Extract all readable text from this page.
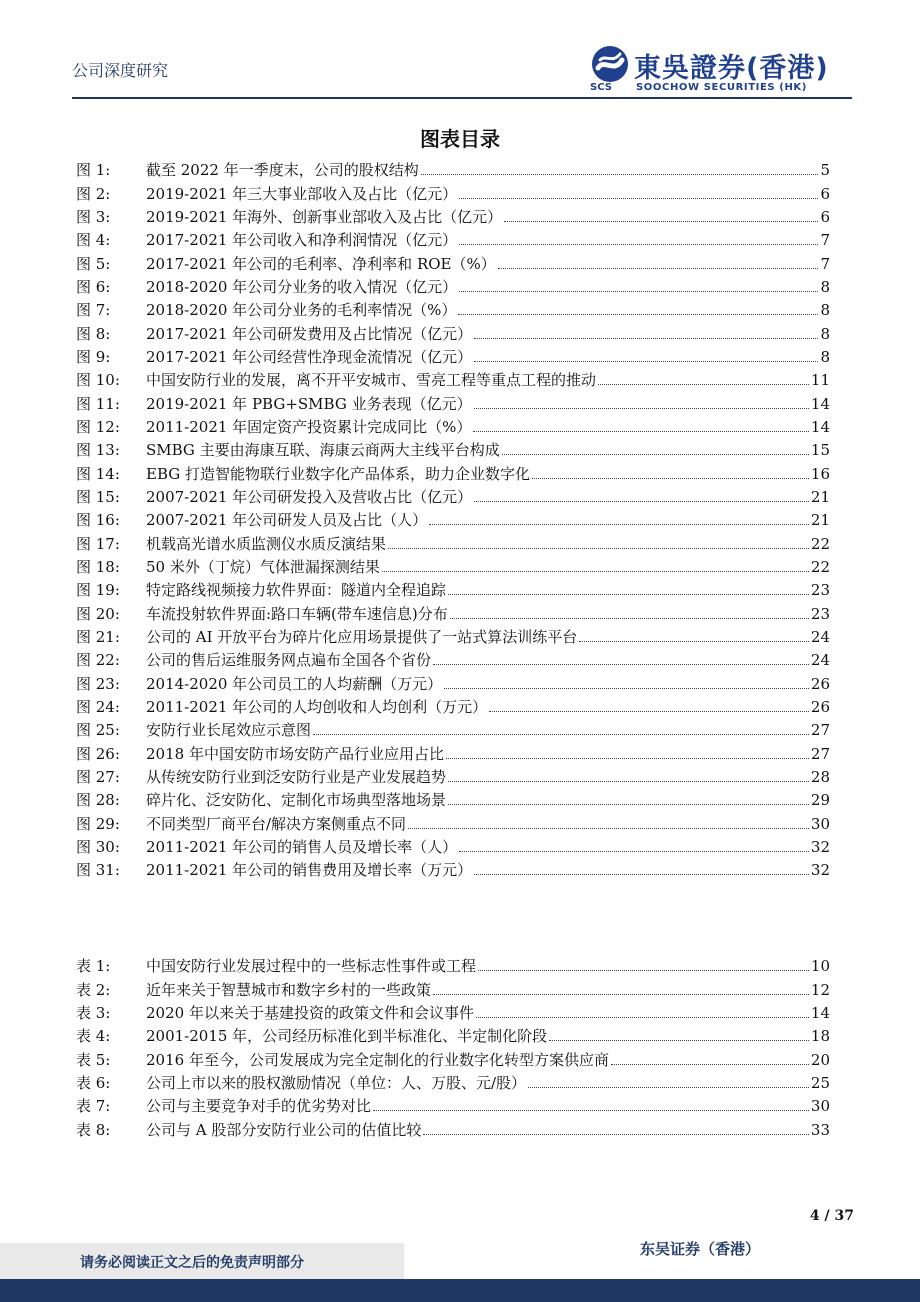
公司深度研究	東吳證券(香港)
SCS SOOCHOW SECURITIES (HK)
图表目录
图 1:	截至 2022 年一季度末，公司的股权结构	5
图 2:	2019-2021 年三大事业部收入及占比（亿元）	6
图 3:	2019-2021 年海外、创新事业部收入及占比（亿元）	6
图 4:	2017-2021 年公司收入和净利润情况（亿元）	7
图 5:	2017-2021 年公司的毛利率、净利率和 ROE（%）	7
图 6:	2018-2020 年公司分业务的收入情况（亿元）	8
图 7:	2018-2020 年公司分业务的毛利率情况（%）	8
图 8:	2017-2021 年公司研发费用及占比情况（亿元）	8
图 9:	2017-2021 年公司经营性净现金流情况（亿元）	8
图 10:	中国安防行业的发展，离不开平安城市、雪亮工程等重点工程的推动	11
图 11:	2019-2021 年 PBG+SMBG 业务表现（亿元）	14
图 12:	2011-2021 年固定资产投资累计完成同比（%）	14
图 13:	SMBG 主要由海康互联、海康云商两大主线平台构成	15
图 14:	EBG 打造智能物联行业数字化产品体系，助力企业数字化	16
图 15:	2007-2021 年公司研发投入及营收占比（亿元）	21
图 16:	2007-2021 年公司研发人员及占比（人）	21
图 17:	机载高光谱水质监测仪水质反演结果	22
图 18:	50 米外（丁烷）气体泄漏探测结果	22
图 19:	特定路线视频接力软件界面：隧道内全程追踪	23
图 20:	车流投射软件界面:路口车辆(带车速信息)分布	23
图 21:	公司的 AI 开放平台为碎片化应用场景提供了一站式算法训练平台	24
图 22:	公司的售后运维服务网点遍布全国各个省份	24
图 23:	2014-2020 年公司员工的人均薪酬（万元）	26
图 24:	2011-2021 年公司的人均创收和人均创利（万元）	26
图 25:	安防行业长尾效应示意图	27
图 26:	2018 年中国安防市场安防产品行业应用占比	27
图 27:	从传统安防行业到泛安防行业是产业发展趋势	28
图 28:	碎片化、泛安防化、定制化市场典型落地场景	29
图 29:	不同类型厂商平台/解决方案侧重点不同	30
图 30:	2011-2021 年公司的销售人员及增长率（人）	32
图 31:	2011-2021 年公司的销售费用及增长率（万元）	32
表 1:	中国安防行业发展过程中的一些标志性事件或工程	10
表 2:	近年来关于智慧城市和数字乡村的一些政策	12
表 3:	2020 年以来关于基建投资的政策文件和会议事件	14
表 4:	2001-2015 年，公司经历标准化到半标准化、半定制化阶段	18
表 5:	2016 年至今，公司发展成为完全定制化的行业数字化转型方案供应商	20
表 6:	公司上市以来的股权激励情况（单位：人、万股、元/股）	25
表 7:	公司与主要竞争对手的优劣势对比	30
表 8:	公司与 A 股部分安防行业公司的估值比较	33
4 / 37
请务必阅读正文之后的免责声明部分
东吴证券（香港）
